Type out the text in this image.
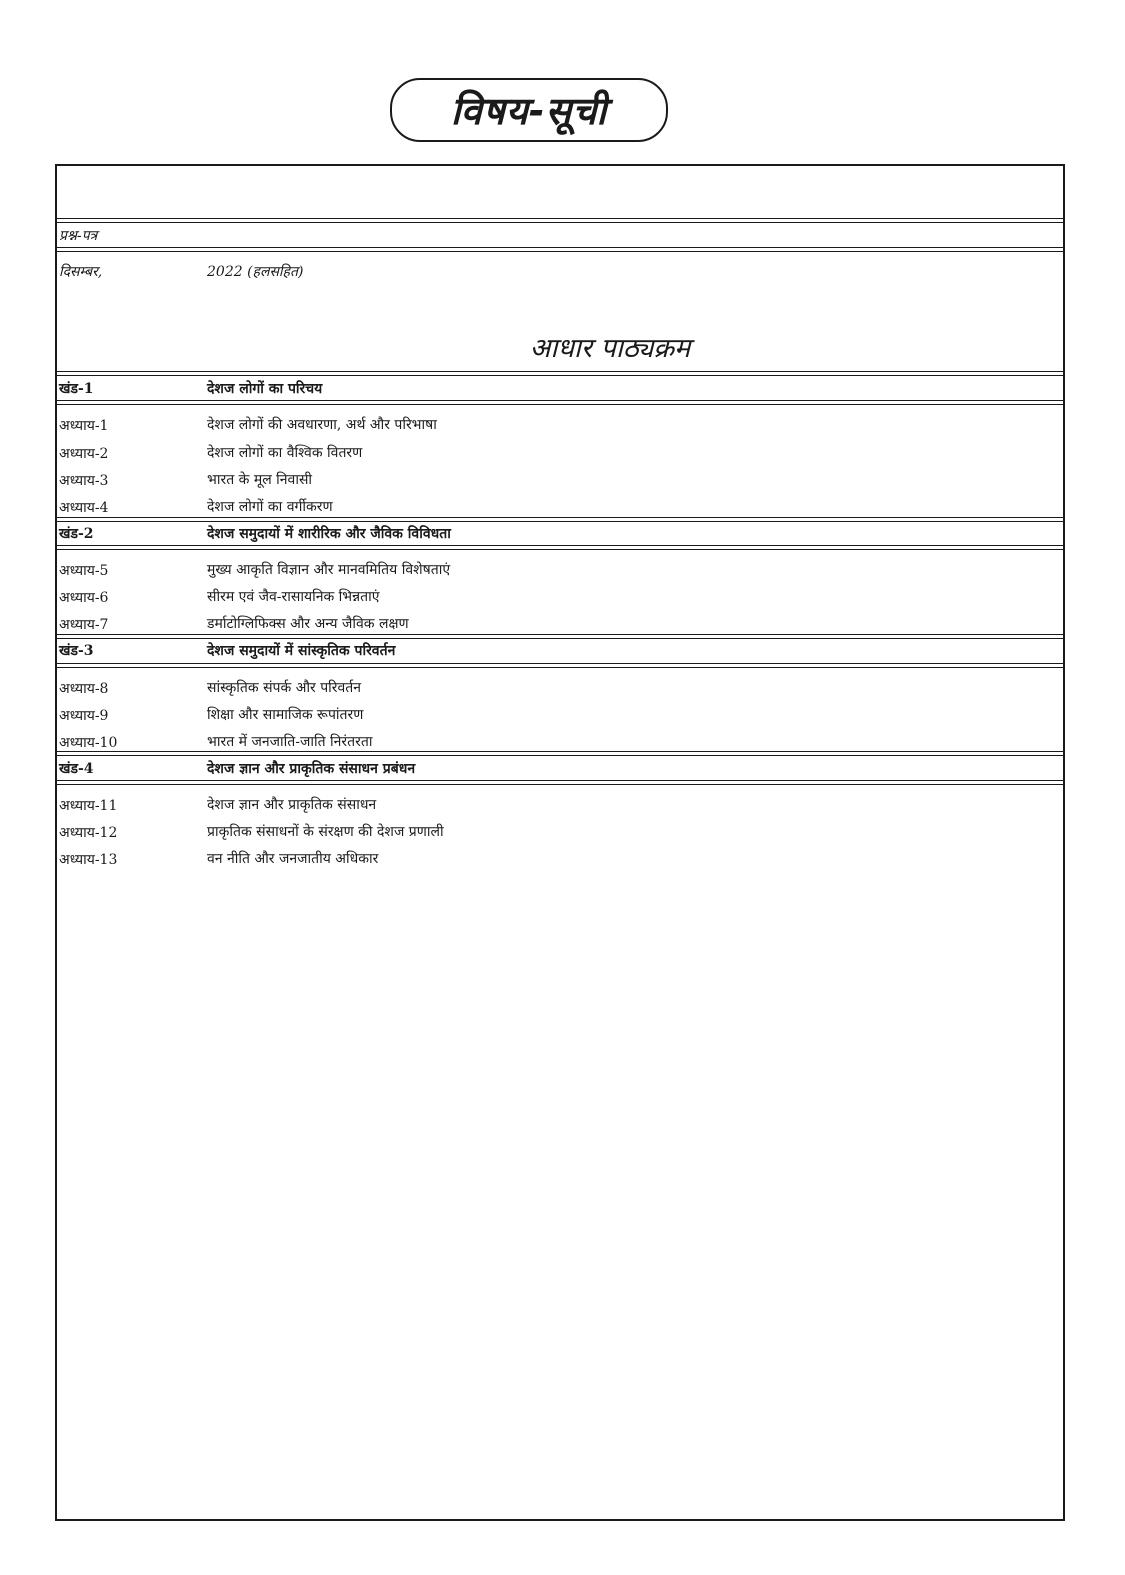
विषय-सूची
प्रश्न-पत्र
दिसम्बर,	2022 (हलसहित)
आधार पाठ्यक्रम
खंड-1	देशज लोगों का परिचय
अध्याय-1	देशज लोगों की अवधारणा, अर्थ और परिभाषा
अध्याय-2	देशज लोगों का वैश्विक वितरण
अध्याय-3	भारत के मूल निवासी
अध्याय-4	देशज लोगों का वर्गीकरण
खंड-2	देशज समुदायों में शारीरिक और जैविक विविधता
अध्याय-5	मुख्य आकृति विज्ञान और मानवमितिय विशेषताएं
अध्याय-6	सीरम एवं जैव-रासायनिक भिन्नताएं
अध्याय-7	डर्माटोग्लिफिक्स और अन्य जैविक लक्षण
खंड-3	देशज समुदायों में सांस्कृतिक परिवर्तन
अध्याय-8	सांस्कृतिक संपर्क और परिवर्तन
अध्याय-9	शिक्षा और सामाजिक रूपांतरण
अध्याय-10	भारत में जनजाति-जाति निरंतरता
खंड-4	देशज ज्ञान और प्राकृतिक संसाधन प्रबंधन
अध्याय-11	देशज ज्ञान और प्राकृतिक संसाधन
अध्याय-12	प्राकृतिक संसाधनों के संरक्षण की देशज प्रणाली
अध्याय-13	वन नीति और जनजातीय अधिकार
